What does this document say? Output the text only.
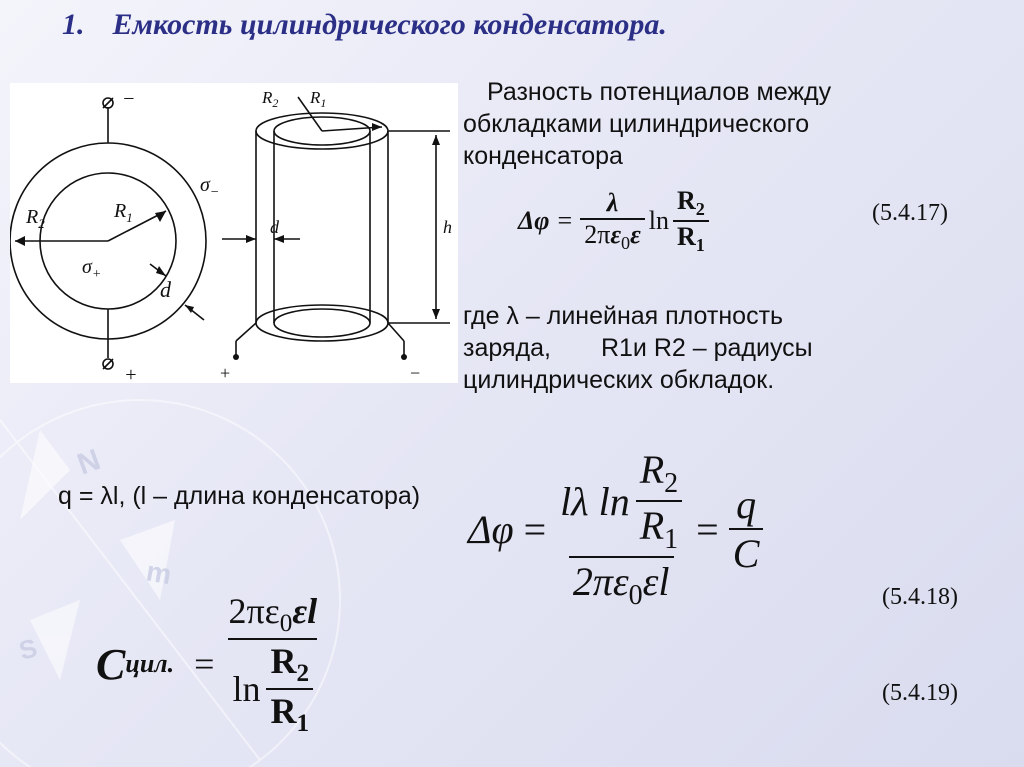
N
m
S
1. Емкость цилиндрического конденсатора.
−
+
$\sigma_-$
$\sigma_+$
$R_2$
$R_1$
d
$R_2$ $R_1$
d	h
+	−
Разность потенциалов между обкладками цилиндрического конденсатора
$\Delta\varphi = \frac{\lambda}{2\pi\varepsilon_0\varepsilon}$ $\ln \frac{R_2}{R_1}$	(5.4.17)
где λ – линейная плотность
заряда, R1и R2 – радиусы
цилиндрических обкладок.
q = λl, (l – длина конденсатора)
$\Delta\varphi = \frac{l\lambda \ln \frac{R_2}{R_1}}{2\pi\varepsilon_0\varepsilon l} = \frac{q}{C}$
(5.4.18)
C цил. = $\frac{2\pi\varepsilon_0\varepsilon l}{\ln \frac{R_2}{R_1}}$	(5.4.19)
